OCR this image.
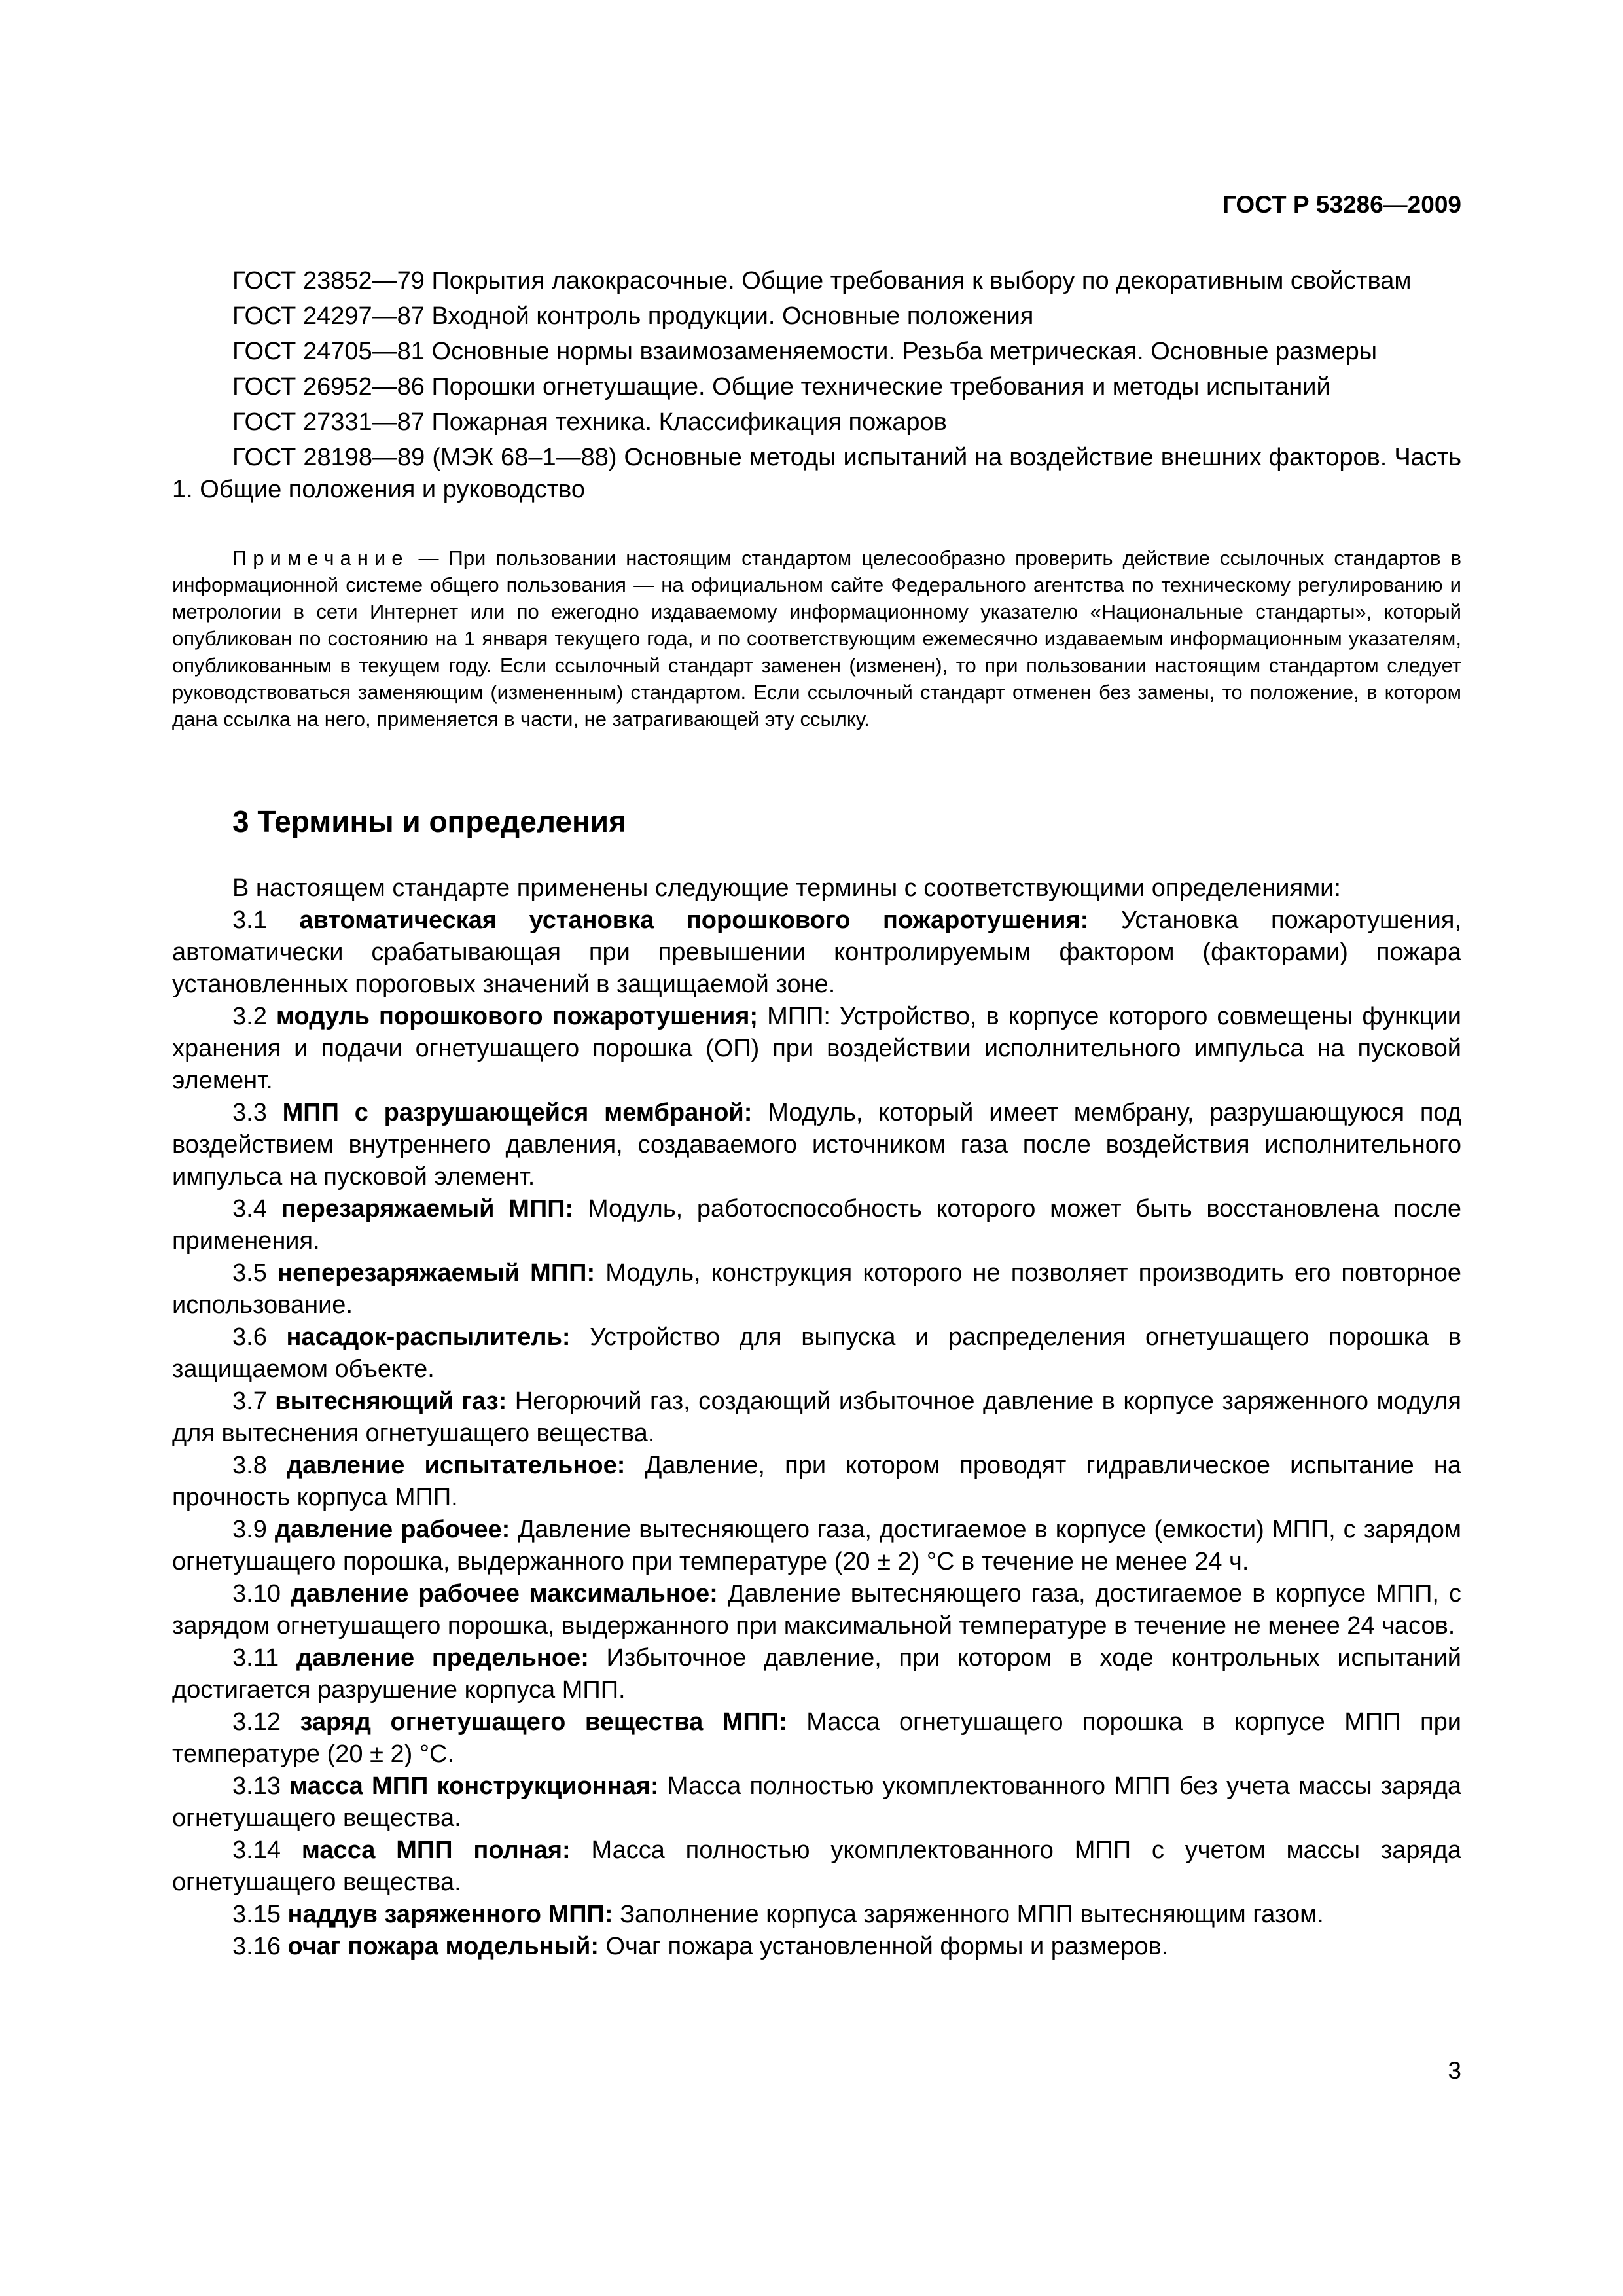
ГОСТ Р 53286—2009

ГОСТ 23852—79 Покрытия лакокрасочные. Общие требования к выбору по декоративным свойствам

ГОСТ 24297—87 Входной контроль продукции. Основные положения

ГОСТ 24705—81 Основные нормы взаимозаменяемости. Резьба метрическая. Основные размеры

ГОСТ 26952—86 Порошки огнетушащие. Общие технические требования и методы испытаний

ГОСТ 27331—87 Пожарная техника. Классификация пожаров

ГОСТ 28198—89 (МЭК 68–1—88) Основные методы испытаний на воздействие внешних факторов. Часть 1. Общие положения и руководство

Примечание — При пользовании настоящим стандартом целесообразно проверить действие ссылочных стандартов в информационной системе общего пользования — на официальном сайте Федерального агентства по техническому регулированию и метрологии в сети Интернет или по ежегодно издаваемому информационному указателю «Национальные стандарты», который опубликован по состоянию на 1 января текущего года, и по соответствующим ежемесячно издаваемым информационным указателям, опубликованным в текущем году. Если ссылочный стандарт заменен (изменен), то при пользовании настоящим стандартом следует руководствоваться заменяющим (измененным) стандартом. Если ссылочный стандарт отменен без замены, то положение, в котором дана ссылка на него, применяется в части, не затрагивающей эту ссылку.
3 Термины и определения

В настоящем стандарте применены следующие термины с соответствующими определениями:

3.1 автоматическая установка порошкового пожаротушения: Установка пожаротушения, автоматически срабатывающая при превышении контролируемым фактором (факторами) пожара установленных пороговых значений в защищаемой зоне.

3.2 модуль порошкового пожаротушения; МПП: Устройство, в корпусе которого совмещены функции хранения и подачи огнетушащего порошка (ОП) при воздействии исполнительного импульса на пусковой элемент.

3.3 МПП с разрушающейся мембраной: Модуль, который имеет мембрану, разрушающуюся под воздействием внутреннего давления, создаваемого источником газа после воздействия исполнительного импульса на пусковой элемент.

3.4 перезаряжаемый МПП: Модуль, работоспособность которого может быть восстановлена после применения.

3.5 неперезаряжаемый МПП: Модуль, конструкция которого не позволяет производить его повторное использование.

3.6 насадок-распылитель: Устройство для выпуска и распределения огнетушащего порошка в защищаемом объекте.

3.7 вытесняющий газ: Негорючий газ, создающий избыточное давление в корпусе заряженного модуля для вытеснения огнетушащего вещества.

3.8 давление испытательное: Давление, при котором проводят гидравлическое испытание на прочность корпуса МПП.

3.9 давление рабочее: Давление вытесняющего газа, достигаемое в корпусе (емкости) МПП, с зарядом огнетушащего порошка, выдержанного при температуре (20 ± 2) °С в течение не менее 24 ч.

3.10 давление рабочее максимальное: Давление вытесняющего газа, достигаемое в корпусе МПП, с зарядом огнетушащего порошка, выдержанного при максимальной температуре в течение не менее 24 часов.

3.11 давление предельное: Избыточное давление, при котором в ходе контрольных испытаний достигается разрушение корпуса МПП.

3.12 заряд огнетушащего вещества МПП: Масса огнетушащего порошка в корпусе МПП при температуре (20 ± 2) °С.

3.13 масса МПП конструкционная: Масса полностью укомплектованного МПП без учета массы заряда огнетушащего вещества.

3.14 масса МПП полная: Масса полностью укомплектованного МПП с учетом массы заряда огнетушащего вещества.

3.15 наддув заряженного МПП: Заполнение корпуса заряженного МПП вытесняющим газом.

3.16 очаг пожара модельный: Очаг пожара установленной формы и размеров.

3
